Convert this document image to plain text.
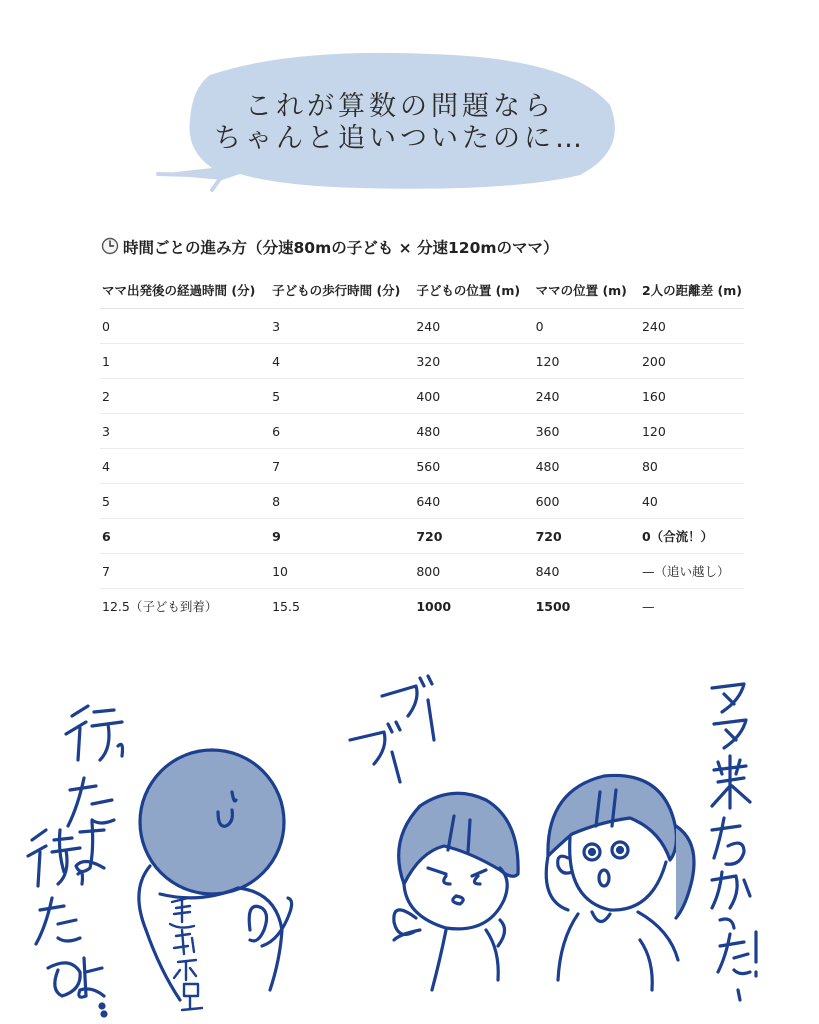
これが算数の問題なら
ちゃんと追いついたのに…
時間ごとの進み方（分速80mの子ども × 分速120mのママ）
ママ出発後の経過時間 (分)	子どもの歩行時間 (分)	子どもの位置 (m)	ママの位置 (m)	2人の距離差 (m)
0	3	240	0	240
1	4	320	120	200
2	5	400	240	160
3	6	480	360	120
4	7	560	480	80
5	8	640	600	40
6	9	720	720	0（合流！）
7	10	800	840	—（追い越し）
12.5（子ども到着）	15.5	1000	1500	—
